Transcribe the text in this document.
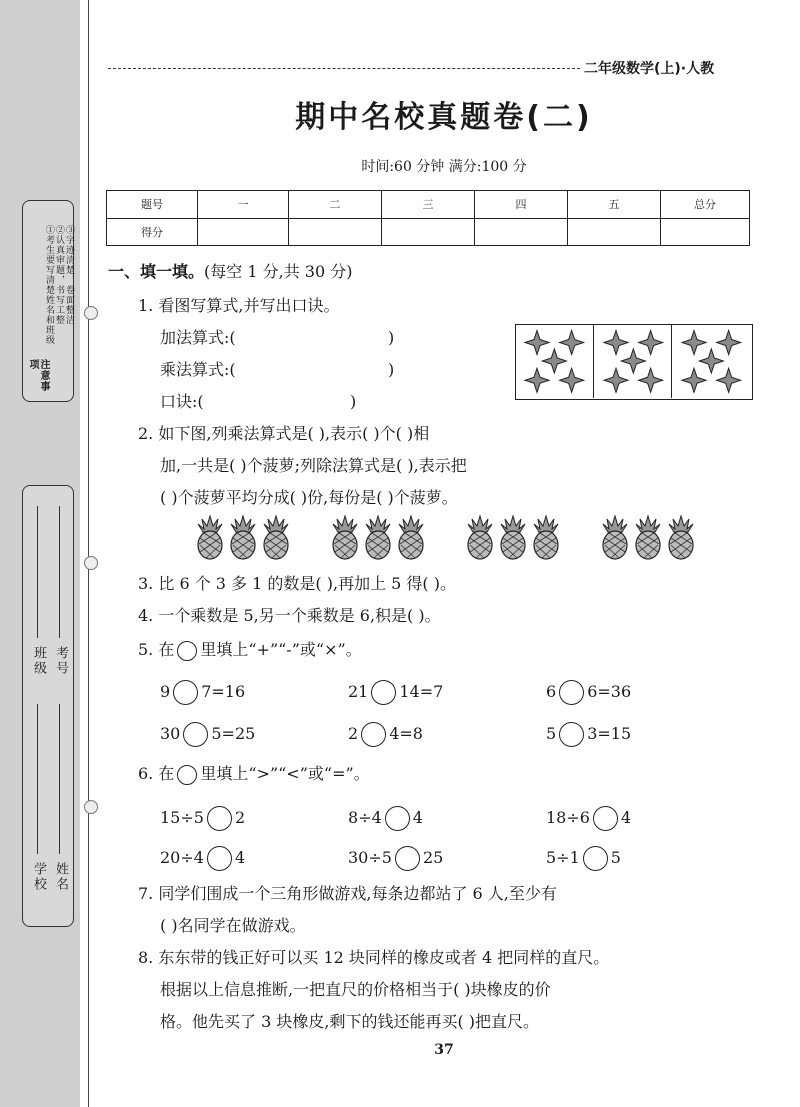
注意事项
①考生要写清楚姓名和班级 ②认真审题，书写工整 ③字迹清楚，卷面整洁
学校 姓名
班级 考号
二年级数学(上)·人教
期中名校真题卷(二)
时间:60 分钟 满分:100 分
题号	一	二	三	四	五	总分
得分						
一、填一填。(每空 1 分,共 30 分)
1. 看图写算式,并写出口诀。
加法算式:(	)
乘法算式:(	)
口诀:(	)
2. 如下图,列乘法算式是( ),表示( )个( )相
加,一共是( )个菠萝;列除法算式是( ),表示把
( )个菠萝平均分成( )份,每份是( )个菠萝。
3. 比 6 个 3 多 1 的数是( ),再加上 5 得( )。
4. 一个乘数是 5,另一个乘数是 6,积是( )。
5. 在 里填上“+”“-”或“×”。
9 7=16	21 14=7	6 6=36
30 5=25	2 4=8	5 3=15
6. 在 里填上“>”“<”或“=”。
15÷5 2	8÷4 4	18÷6 4
20÷4 4	30÷5 25	5÷1 5
7. 同学们围成一个三角形做游戏,每条边都站了 6 人,至少有
( )名同学在做游戏。
8. 东东带的钱正好可以买 12 块同样的橡皮或者 4 把同样的直尺。
根据以上信息推断,一把直尺的价格相当于( )块橡皮的价
格。他先买了 3 块橡皮,剩下的钱还能再买( )把直尺。
37
